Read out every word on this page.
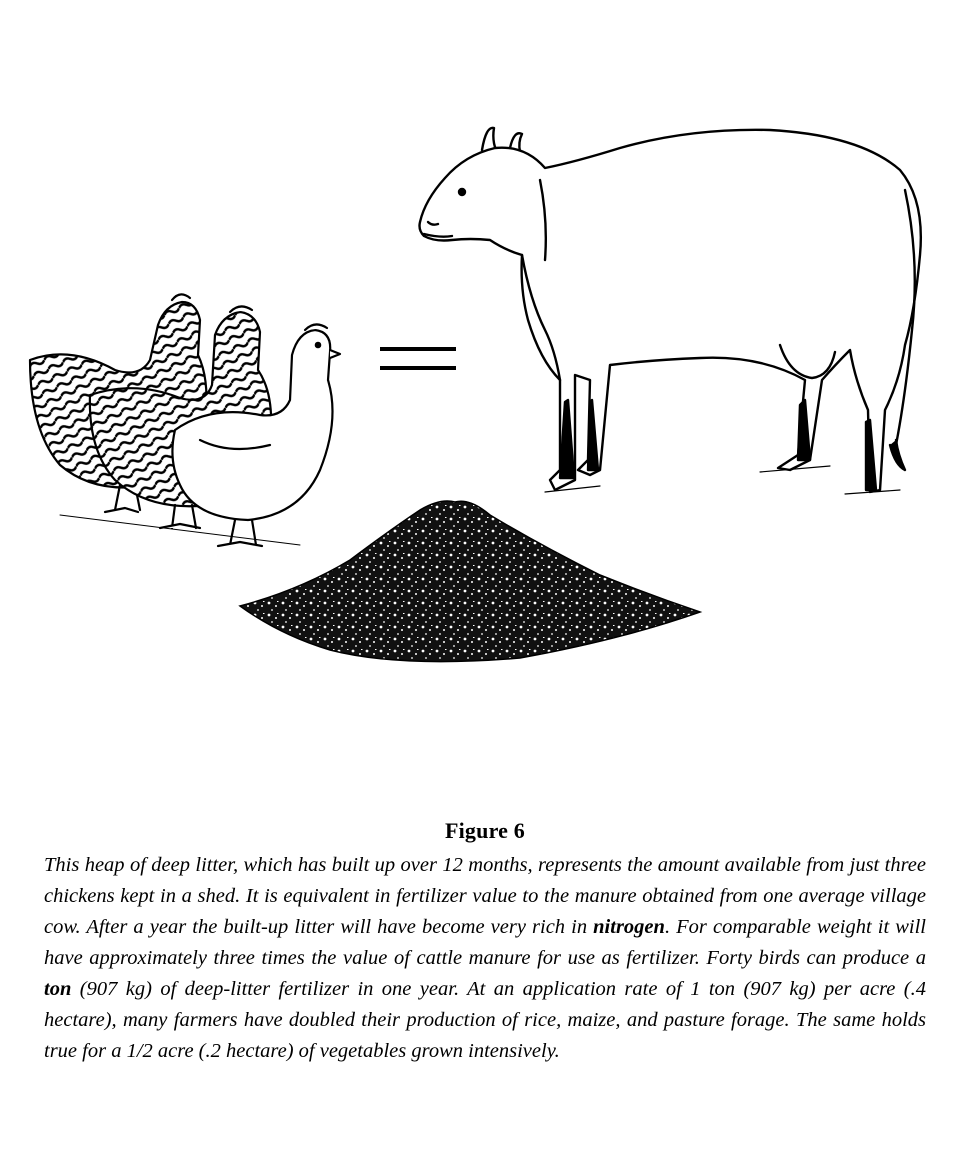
Figure 6

This heap of deep litter, which has built up over 12 months, represents the amount available from just three chickens kept in a shed. It is equivalent in fertilizer value to the manure obtained from one average village cow. After a year the built-up litter will have become very rich in nitrogen. For comparable weight it will have approximately three times the value of cattle manure for use as fertilizer. Forty birds can produce a ton (907 kg) of deep-litter fertilizer in one year. At an application rate of 1 ton (907 kg) per acre (.4 hectare), many farmers have doubled their production of rice, maize, and pasture forage. The same holds true for a 1/2 acre (.2 hectare) of vegetables grown intensively.
